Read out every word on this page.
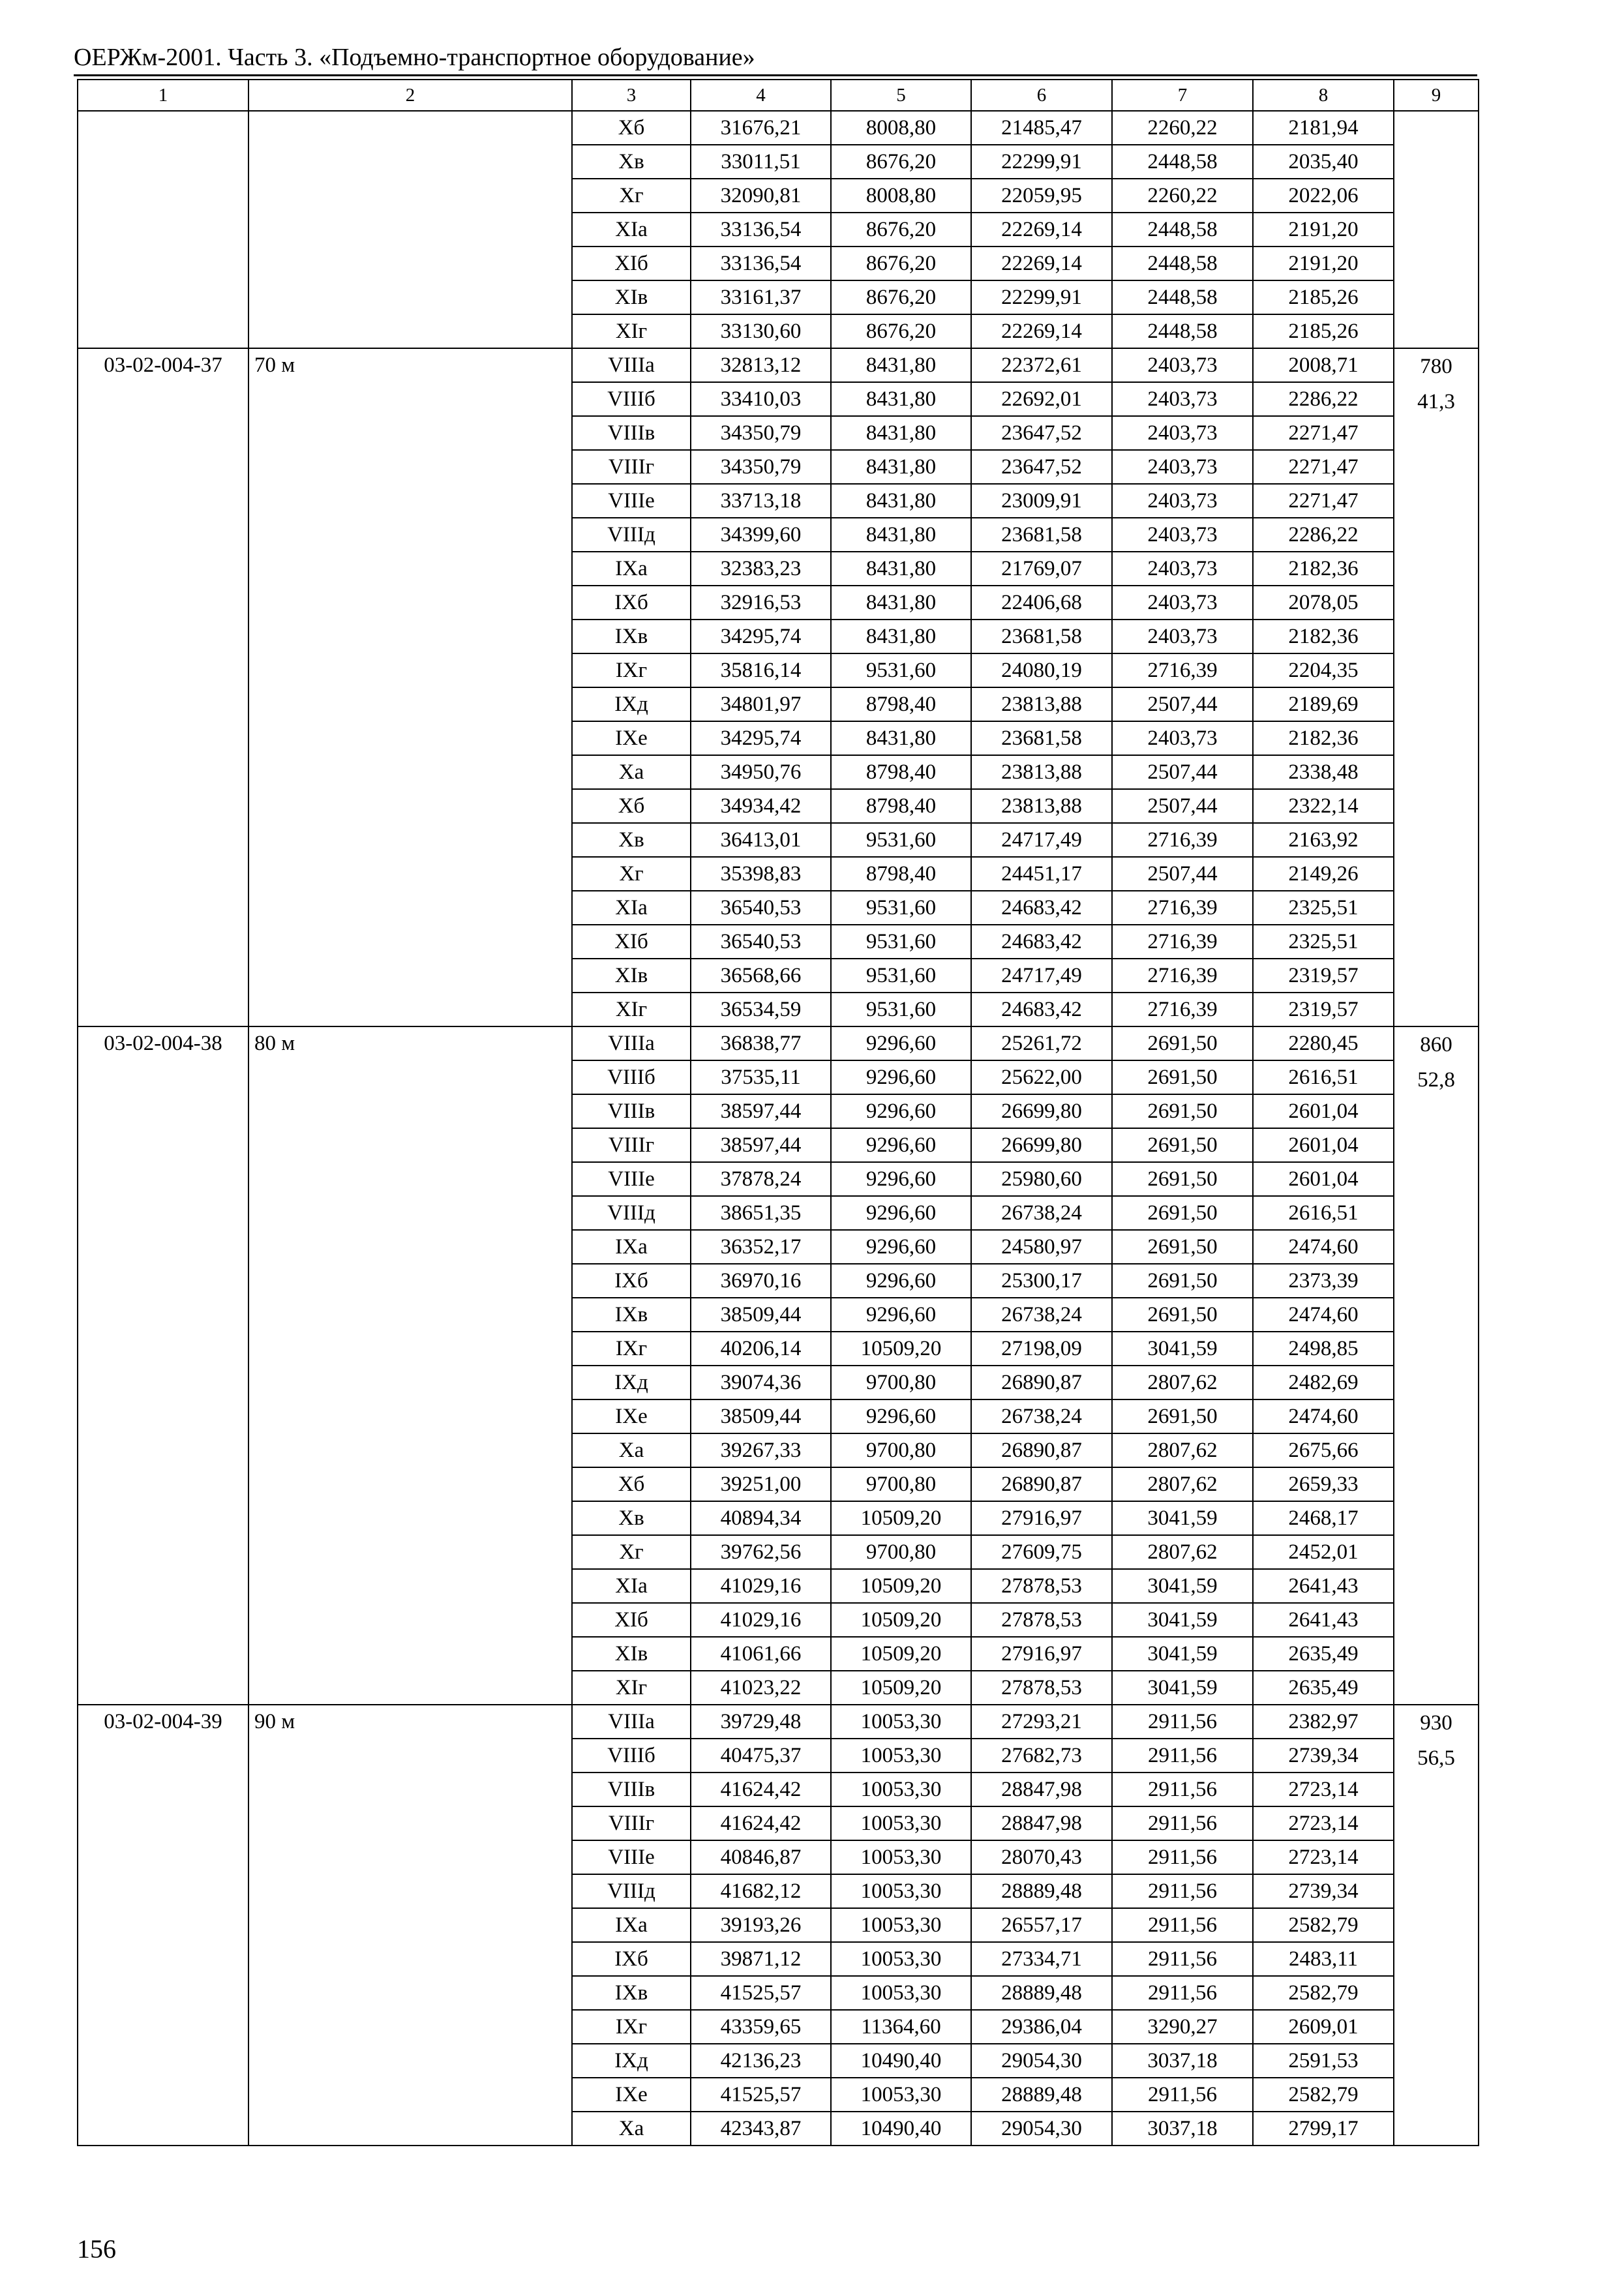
ОЕРЖм-2001. Часть 3. «Подъемно-транспортное оборудование»
1	2	3	4	5	6	7	8	9
		Xб	31676,21	8008,80	21485,47	2260,22	2181,94	

		Xв	33011,51	8676,20	22299,91	2448,58	2035,40	
		Xг	32090,81	8008,80	22059,95	2260,22	2022,06	
		XIа	33136,54	8676,20	22269,14	2448,58	2191,20	
		XIб	33136,54	8676,20	22269,14	2448,58	2191,20	
		XIв	33161,37	8676,20	22299,91	2448,58	2185,26	
		XIг	33130,60	8676,20	22269,14	2448,58	2185,26	
03-02-004-37	70 м	VIIIа	32813,12	8431,80	22372,61	2403,73	2008,71	780
41,3

		VIIIб	33410,03	8431,80	22692,01	2403,73	2286,22	
		VIIIв	34350,79	8431,80	23647,52	2403,73	2271,47	
		VIIIг	34350,79	8431,80	23647,52	2403,73	2271,47	
		VIIIе	33713,18	8431,80	23009,91	2403,73	2271,47	
		VIIIд	34399,60	8431,80	23681,58	2403,73	2286,22	
		IXа	32383,23	8431,80	21769,07	2403,73	2182,36	
		IXб	32916,53	8431,80	22406,68	2403,73	2078,05	
		IXв	34295,74	8431,80	23681,58	2403,73	2182,36	
		IXг	35816,14	9531,60	24080,19	2716,39	2204,35	
		IXд	34801,97	8798,40	23813,88	2507,44	2189,69	
		IXе	34295,74	8431,80	23681,58	2403,73	2182,36	
		Xа	34950,76	8798,40	23813,88	2507,44	2338,48	
		Xб	34934,42	8798,40	23813,88	2507,44	2322,14	
		Xв	36413,01	9531,60	24717,49	2716,39	2163,92	
		Xг	35398,83	8798,40	24451,17	2507,44	2149,26	
		XIа	36540,53	9531,60	24683,42	2716,39	2325,51	
		XIб	36540,53	9531,60	24683,42	2716,39	2325,51	
		XIв	36568,66	9531,60	24717,49	2716,39	2319,57	
		XIг	36534,59	9531,60	24683,42	2716,39	2319,57	
03-02-004-38	80 м	VIIIа	36838,77	9296,60	25261,72	2691,50	2280,45	860
52,8

		VIIIб	37535,11	9296,60	25622,00	2691,50	2616,51	
		VIIIв	38597,44	9296,60	26699,80	2691,50	2601,04	
		VIIIг	38597,44	9296,60	26699,80	2691,50	2601,04	
		VIIIе	37878,24	9296,60	25980,60	2691,50	2601,04	
		VIIIд	38651,35	9296,60	26738,24	2691,50	2616,51	
		IXа	36352,17	9296,60	24580,97	2691,50	2474,60	
		IXб	36970,16	9296,60	25300,17	2691,50	2373,39	
		IXв	38509,44	9296,60	26738,24	2691,50	2474,60	
		IXг	40206,14	10509,20	27198,09	3041,59	2498,85	
		IXд	39074,36	9700,80	26890,87	2807,62	2482,69	
		IXе	38509,44	9296,60	26738,24	2691,50	2474,60	
		Xа	39267,33	9700,80	26890,87	2807,62	2675,66	
		Xб	39251,00	9700,80	26890,87	2807,62	2659,33	
		Xв	40894,34	10509,20	27916,97	3041,59	2468,17	
		Xг	39762,56	9700,80	27609,75	2807,62	2452,01	
		XIа	41029,16	10509,20	27878,53	3041,59	2641,43	
		XIб	41029,16	10509,20	27878,53	3041,59	2641,43	
		XIв	41061,66	10509,20	27916,97	3041,59	2635,49	
		XIг	41023,22	10509,20	27878,53	3041,59	2635,49	
03-02-004-39	90 м	VIIIа	39729,48	10053,30	27293,21	2911,56	2382,97	930
56,5

		VIIIб	40475,37	10053,30	27682,73	2911,56	2739,34	
		VIIIв	41624,42	10053,30	28847,98	2911,56	2723,14	
		VIIIг	41624,42	10053,30	28847,98	2911,56	2723,14	
		VIIIе	40846,87	10053,30	28070,43	2911,56	2723,14	
		VIIIд	41682,12	10053,30	28889,48	2911,56	2739,34	
		IXа	39193,26	10053,30	26557,17	2911,56	2582,79	
		IXб	39871,12	10053,30	27334,71	2911,56	2483,11	
		IXв	41525,57	10053,30	28889,48	2911,56	2582,79	
		IXг	43359,65	11364,60	29386,04	3290,27	2609,01	
		IXд	42136,23	10490,40	29054,30	3037,18	2591,53	
		IXе	41525,57	10053,30	28889,48	2911,56	2582,79	
		Xа	42343,87	10490,40	29054,30	3037,18	2799,17	
156
